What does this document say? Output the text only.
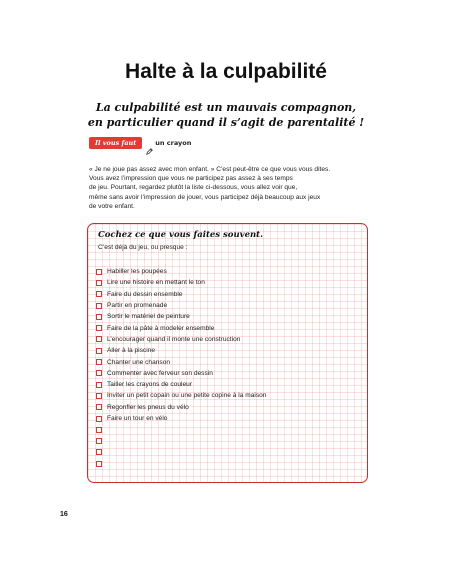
Halte à la culpabilité
La culpabilité est un mauvais compagnon,
en particulier quand il s’agit de parentalité !
Il vous faut	un crayon

« Je ne joue pas assez avec mon enfant. » C’est peut-être ce que vous vous dites.

Vous avez l’impression que vous ne participez pas assez à ses temps

de jeu. Pourtant, regardez plutôt la liste ci-dessous, vous allez voir que,

même sans avoir l’impression de jouer, vous participez déjà beaucoup aux jeux

de votre enfant.

Cochez ce que vous faites souvent.
C’est déjà du jeu, ou presque :
Habiller les poupées
Lire une histoire en mettant le ton
Faire du dessin ensemble
Partir en promenade
Sortir le matériel de peinture
Faire de la pâte à modeler ensemble
L’encourager quand il monte une construction
Aller à la piscine
Chanter une chanson
Commenter avec ferveur son dessin
Tailler les crayons de couleur
Inviter un petit copain ou une petite copine à la maison
Regonfler les pneus du vélo
Faire un tour en vélo
16
